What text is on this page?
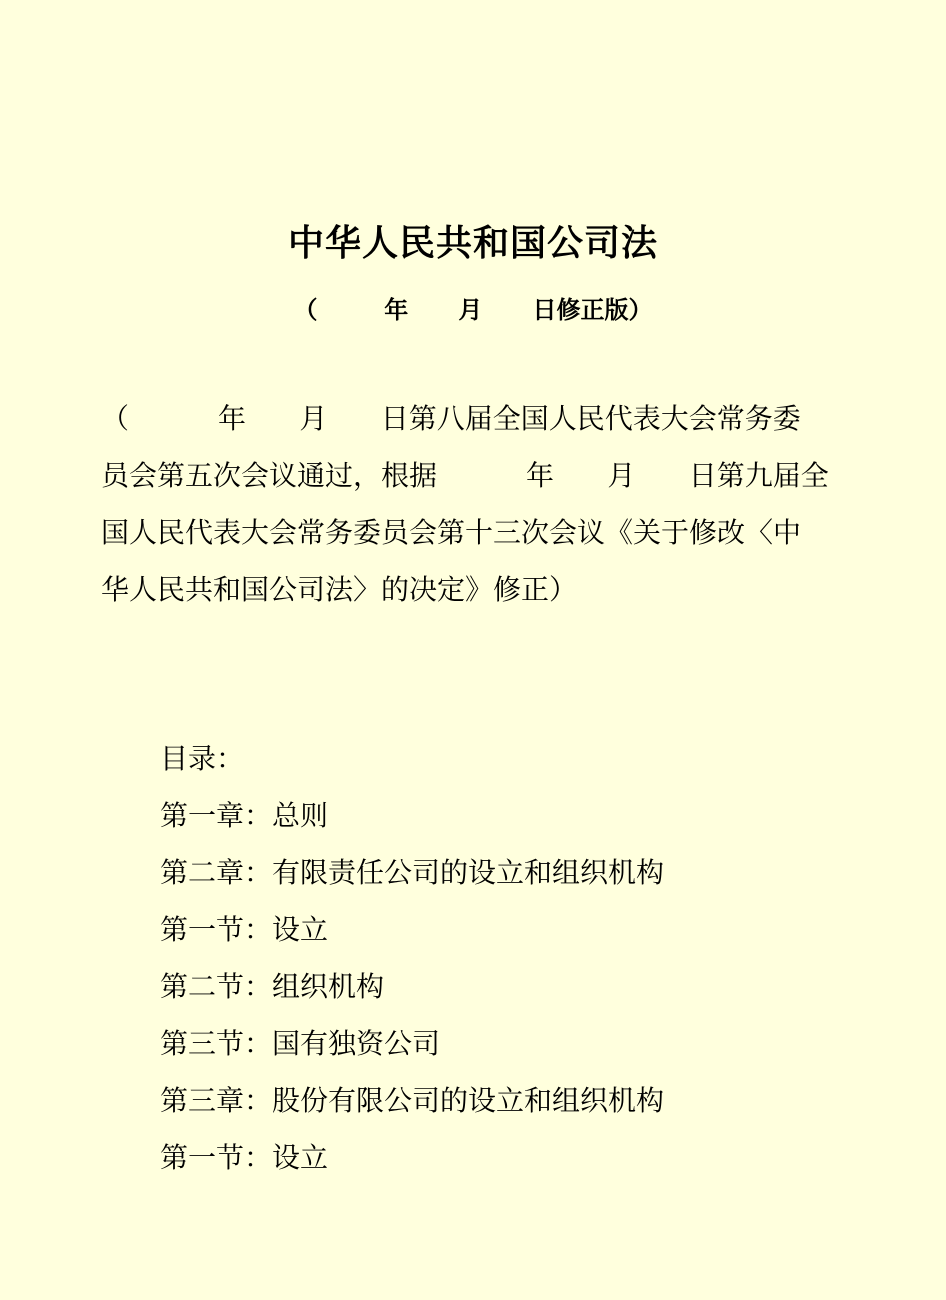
中华人民共和国公司法
（        年      月      日修正版）
（          年      月      日第八届全国人民代表大会常务委
员会第五次会议通过，根据          年      月      日第九届全
国人民代表大会常务委员会第十三次会议《关于修改〈中
华人民共和国公司法〉的决定》修正）
目录：
第一章：总则
第二章：有限责任公司的设立和组织机构
第一节：设立
第二节：组织机构
第三节：国有独资公司
第三章：股份有限公司的设立和组织机构
第一节：设立
